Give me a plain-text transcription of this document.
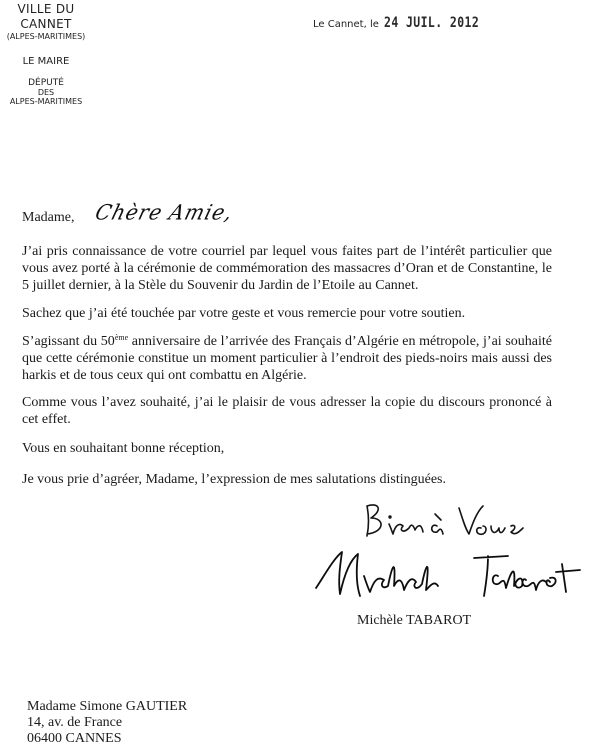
VILLE DU CANNET
(ALPES-MARITIMES)
LE MAIRE
DÉPUTÉ
DES
ALPES-MARITIMES
Le Cannet, le 24 JUIL. 2012
Madame, Chère Amie,

J’ai pris connaissance de votre courriel par lequel vous faites part de l’intérêt particulier que vous avez porté à la cérémonie de commémoration des massacres d’Oran et de Constantine, le 5 juillet dernier, à la Stèle du Souvenir du Jardin de l’Etoile au Cannet.

Sachez que j’ai été touchée par votre geste et vous remercie pour votre soutien.

S’agissant du 50ème anniversaire de l’arrivée des Français d’Algérie en métropole, j’ai souhaité que cette cérémonie constitue un moment particulier à l’endroit des pieds-noirs mais aussi des harkis et de tous ceux qui ont combattu en Algérie.

Comme vous l’avez souhaité, j’ai le plaisir de vous adresser la copie du discours prononcé à cet effet.

Vous en souhaitant bonne réception,

Je vous prie d’agréer, Madame, l’expression de mes salutations distinguées.

Michèle TABAROT
Madame Simone GAUTIER
14, av. de France
06400 CANNES
